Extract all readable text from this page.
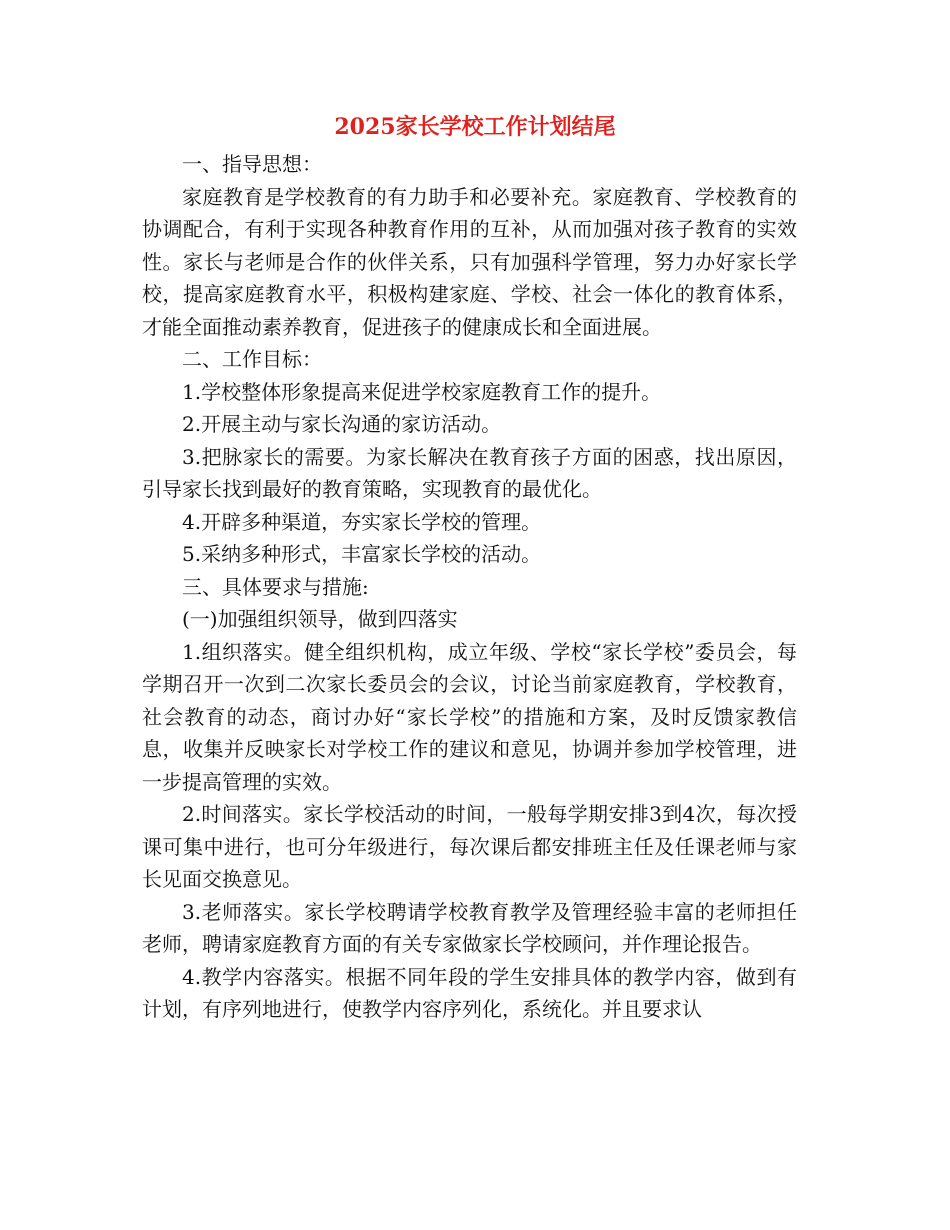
2025家长学校工作计划结尾

一、指导思想：

家庭教育是学校教育的有力助手和必要补充。家庭教育、学校教育的协调配合，有利于实现各种教育作用的互补，从而加强对孩子教育的实效性。家长与老师是合作的伙伴关系，只有加强科学管理，努力办好家长学校，提高家庭教育水平，积极构建家庭、学校、社会一体化的教育体系，才能全面推动素养教育，促进孩子的健康成长和全面进展。

二、工作目标：

1.学校整体形象提高来促进学校家庭教育工作的提升。

2.开展主动与家长沟通的家访活动。

3.把脉家长的需要。为家长解决在教育孩子方面的困惑，找出原因，引导家长找到最好的教育策略，实现教育的最优化。

4.开辟多种渠道，夯实家长学校的管理。

5.采纳多种形式，丰富家长学校的活动。

三、具体要求与措施:

(一)加强组织领导，做到四落实

1.组织落实。健全组织机构，成立年级、学校“家长学校”委员会，每学期召开一次到二次家长委员会的会议，讨论当前家庭教育，学校教育，社会教育的动态，商讨办好“家长学校”的措施和方案，及时反馈家教信息，收集并反映家长对学校工作的建议和意见，协调并参加学校管理，进一步提高管理的实效。

2.时间落实。家长学校活动的时间，一般每学期安排3到4次，每次授课可集中进行，也可分年级进行，每次课后都安排班主任及任课老师与家长见面交换意见。

3.老师落实。家长学校聘请学校教育教学及管理经验丰富的老师担任老师，聘请家庭教育方面的有关专家做家长学校顾问，并作理论报告。

4.教学内容落实。根据不同年段的学生安排具体的教学内容，做到有计划，有序列地进行，使教学内容序列化，系统化。并且要求认
